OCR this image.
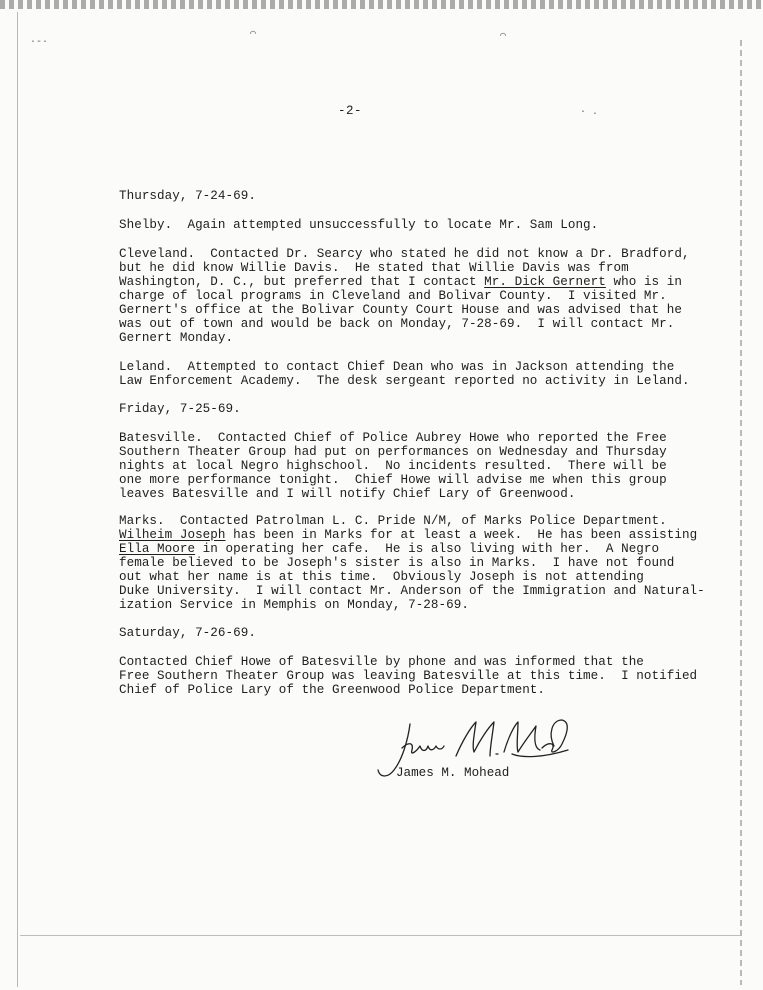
·-·
⌒	⌒
· .
-2-
Thursday, 7-24-69.
Shelby.  Again attempted unsuccessfully to locate Mr. Sam Long.
Cleveland.  Contacted Dr. Searcy who stated he did not know a Dr. Bradford,
but he did know Willie Davis.  He stated that Willie Davis was from
Washington, D. C., but preferred that I contact Mr. Dick Gernert who is in
charge of local programs in Cleveland and Bolivar County.  I visited Mr.
Gernert's office at the Bolivar County Court House and was advised that he
was out of town and would be back on Monday, 7-28-69.  I will contact Mr.
Gernert Monday.
Leland.  Attempted to contact Chief Dean who was in Jackson attending the
Law Enforcement Academy.  The desk sergeant reported no activity in Leland.
Friday, 7-25-69.
Batesville.  Contacted Chief of Police Aubrey Howe who reported the Free
Southern Theater Group had put on performances on Wednesday and Thursday
nights at local Negro highschool.  No incidents resulted.  There will be
one more performance tonight.  Chief Howe will advise me when this group
leaves Batesville and I will notify Chief Lary of Greenwood.
Marks.  Contacted Patrolman L. C. Pride N/M, of Marks Police Department.
Wilheim Joseph has been in Marks for at least a week.  He has been assisting
Ella Moore in operating her cafe.  He is also living with her.  A Negro
female believed to be Joseph's sister is also in Marks.  I have not found
out what her name is at this time.  Obviously Joseph is not attending
Duke University.  I will contact Mr. Anderson of the Immigration and Natural-
ization Service in Memphis on Monday, 7-28-69.
Saturday, 7-26-69.
Contacted Chief Howe of Batesville by phone and was informed that the
Free Southern Theater Group was leaving Batesville at this time.  I notified
Chief of Police Lary of the Greenwood Police Department.
James M. Mohead
